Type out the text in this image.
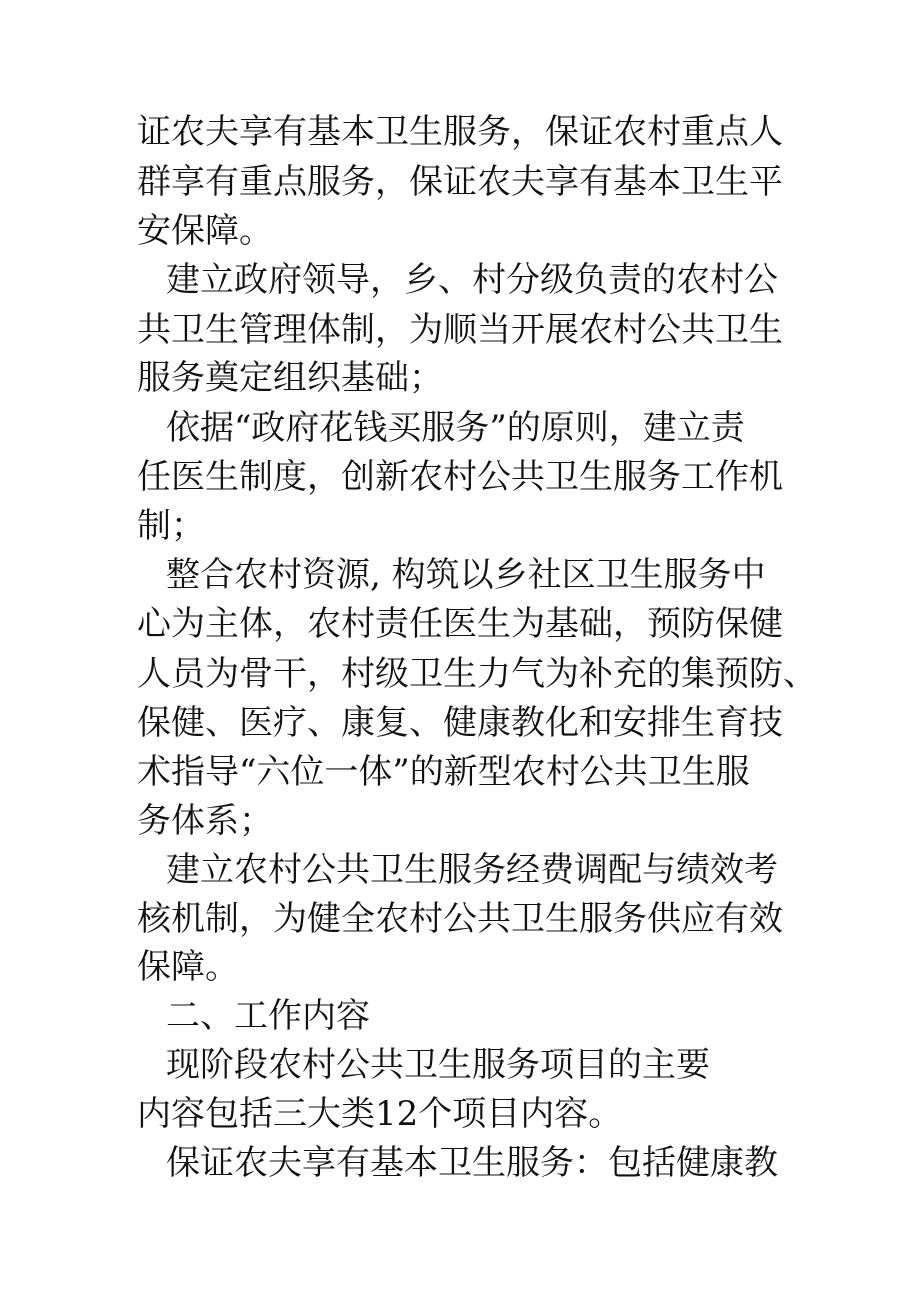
证农夫享有基本卫生服务，保证农村重点人
群享有重点服务，保证农夫享有基本卫生平
安保障。
建立政府领导，乡、村分级负责的农村公
共卫生管理体制，为顺当开展农村公共卫生
服务奠定组织基础；
依据“政府花钱买服务”的原则，建立责
任医生制度，创新农村公共卫生服务工作机
制；
整合农村资源, 构筑以乡社区卫生服务中
心为主体，农村责任医生为基础，预防保健
人员为骨干，村级卫生力气为补充的集预防、
保健、医疗、康复、健康教化和安排生育技
术指导“六位一体”的新型农村公共卫生服
务体系；
建立农村公共卫生服务经费调配与绩效考
核机制，为健全农村公共卫生服务供应有效
保障。
二、工作内容
现阶段农村公共卫生服务项目的主要
内容包括三大类12个项目内容。
保证农夫享有基本卫生服务：包括健康教
